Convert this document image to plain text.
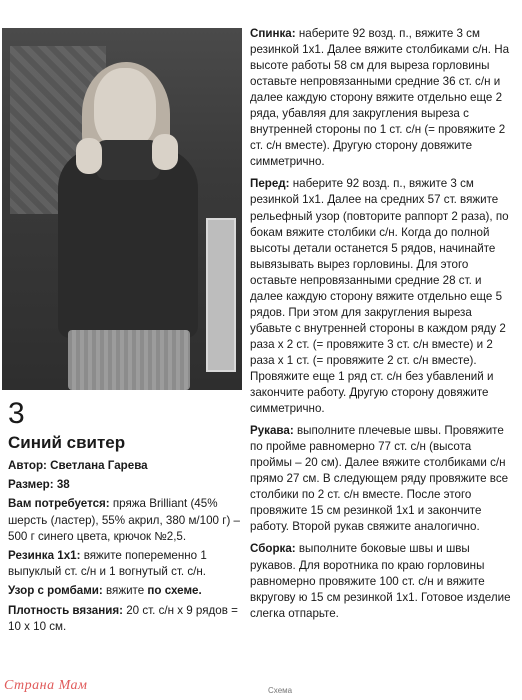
3
Синий свитер

Автор: Светлана Гарева

Размер: 38

Вам потребуется: пряжа Brilliant (45% шерсть (ластер), 55% акрил, 380 м/100 г) – 500 г синего цвета, крючок №2,5.

Резинка 1х1: вяжите попеременно 1 выпуклый ст. с/н и 1 вогнутый ст. с/н.

Узор с ромбами: вяжите по схеме.

Плотность вязания: 20 ст. с/н х 9 рядов = 10 х 10 см.

Спинка: наберите 92 возд. п., вяжите 3 см резинкой 1х1. Далее вяжите столбиками с/н. На высоте работы 58 см для выреза горловины оставьте непровязанными средние 36 ст. с/н и далее каждую сторону вяжите отдельно еще 2 ряда, убавляя для закругления выреза с внутренней стороны по 1 ст. с/н (= провяжите 2 ст. с/н вместе). Другую сторону довяжите симметрично.

Перед: наберите 92 возд. п., вяжите 3 см резинкой 1х1. Далее на средних 57 ст. вяжите рельефный узор (повторите раппорт 2 раза), по бокам вяжите столбики с/н. Когда до полной высоты детали останется 5 рядов, начинайте вывязывать вырез горловины. Для этого оставьте непровязанными средние 28 ст. и далее каждую сторону вяжите отдельно еще 5 рядов. При этом для закругления выреза убавьте с внутренней стороны в каждом ряду 2 раза х 2 ст. (= провяжите 3 ст. с/н вместе) и 2 раза х 1 ст. (= провяжите 2 ст. с/н вместе). Провяжите еще 1 ряд ст. с/н без убавлений и закончите работу. Другую сторону довяжите симметрично.

Рукава: выполните плечевые швы. Провяжите по пройме равномерно 77 ст. с/н (высота проймы – 20 см). Далее вяжите столбиками с/н прямо 27 см. В следующем ряду провяжите все столбики по 2 ст. с/н вместе. После этого провяжите 15 см резинкой 1х1 и закончите работу. Второй рукав свяжите аналогично.

Сборка: выполните боковые швы и швы рукавов. Для воротника по краю горловины равномерно провяжите 100 ст. с/н и вяжите вкругову ю 15 см резинкой 1х1. Готовое изделие слегка отпарьте.

Схема
Страна Мам
